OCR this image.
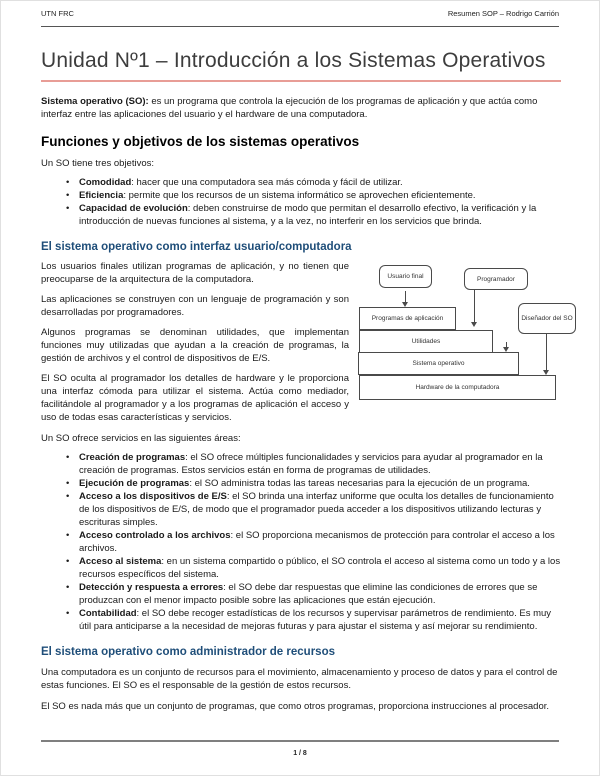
UTN FRC	Resumen SOP – Rodrigo Carrión
Unidad Nº1 – Introducción a los Sistemas Operativos

Sistema operativo (SO): es un programa que controla la ejecución de los programas de aplicación y que actúa como interfaz entre las aplicaciones del usuario y el hardware de una computadora.

Funciones y objetivos de los sistemas operativos

Un SO tiene tres objetivos:

• Comodidad: hacer que una computadora sea más cómoda y fácil de utilizar.
• Eficiencia: permite que los recursos de un sistema informático se aprovechen eficientemente.
• Capacidad de evolución: deben construirse de modo que permitan el desarrollo efectivo, la verificación y la introducción de nuevas funciones al sistema, y a la vez, no interferir en los servicios que brinda.
El sistema operativo como interfaz usuario/computadora

Los usuarios finales utilizan programas de aplicación, y no tienen que preocuparse de la arquitectura de la computadora.

Las aplicaciones se construyen con un lenguaje de programación y son desarrolladas por programadores.

Algunos programas se denominan utilidades, que implementan funciones muy utilizadas que ayudan a la creación de programas, la gestión de archivos y el control de dispositivos de E/S.

El SO oculta al programador los detalles de hardware y le proporciona una interfaz cómoda para utilizar el sistema. Actúa como mediador, facilitándole al programador y a los programas de aplicación el acceso y uso de todas esas características y servicios.

Usuario final	Programador
Diseñador del SO
Programas de aplicación
Utilidades
Sistema operativo
Hardware de la computadora

Un SO ofrece servicios en las siguientes áreas:

• Creación de programas: el SO ofrece múltiples funcionalidades y servicios para ayudar al programador en la creación de programas. Estos servicios están en forma de programas de utilidades.
• Ejecución de programas: el SO administra todas las tareas necesarias para la ejecución de un programa.
• Acceso a los dispositivos de E/S: el SO brinda una interfaz uniforme que oculta los detalles de funcionamiento de los dispositivos de E/S, de modo que el programador pueda acceder a los dispositivos utilizando lecturas y escrituras simples.
• Acceso controlado a los archivos: el SO proporciona mecanismos de protección para controlar el acceso a los archivos.
• Acceso al sistema: en un sistema compartido o público, el SO controla el acceso al sistema como un todo y a los recursos específicos del sistema.
• Detección y respuesta a errores: el SO debe dar respuestas que elimine las condiciones de errores que se produzcan con el menor impacto posible sobre las aplicaciones que están ejecución.
• Contabilidad: el SO debe recoger estadísticas de los recursos y supervisar parámetros de rendimiento. Es muy útil para anticiparse a la necesidad de mejoras futuras y para ajustar el sistema y así mejorar su rendimiento.
El sistema operativo como administrador de recursos

Una computadora es un conjunto de recursos para el movimiento, almacenamiento y proceso de datos y para el control de estas funciones. El SO es el responsable de la gestión de estos recursos.

El SO es nada más que un conjunto de programas, que como otros programas, proporciona instrucciones al procesador.

1 / 8
